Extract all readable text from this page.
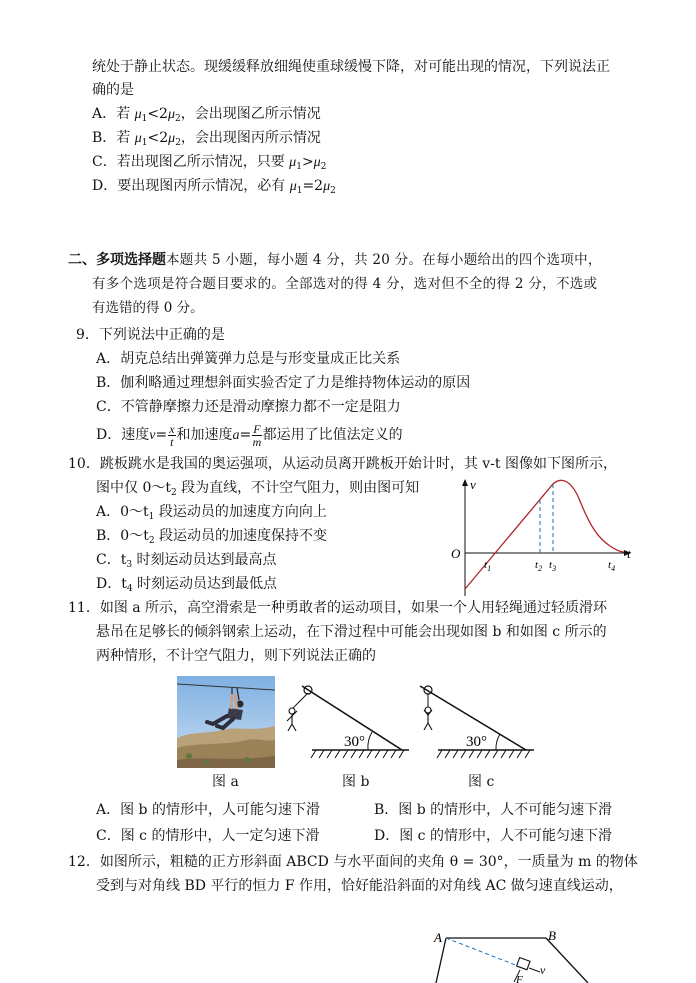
统处于静止状态。现缓缓释放细绳使重球缓慢下降，对可能出现的情况，下列说法正
确的是
A．若 $\mu_1<2\mu_2$，会出现图乙所示情况
B．若 $\mu_1<2\mu_2$，会出现图丙所示情况
C．若出现图乙所示情况，只要 $\mu_1>\mu_2$
D．要出现图丙所示情况，必有 $\mu_1=2\mu_2$
二、多项选择题本题共 5 小题，每小题 4 分，共 20 分。在每小题给出的四个选项中，
有多个选项是符合题目要求的。全部选对的得 4 分，选对但不全的得 2 分，不选或
有选错的得 0 分。
9．下列说法中正确的是
A．胡克总结出弹簧弹力总是与形变量成正比关系
B．伽利略通过理想斜面实验否定了力是维持物体运动的原因
C．不管静摩擦力还是滑动摩擦力都不一定是阻力
D．速度$v= \frac{x}{t}$ 和加速度$a= \frac{F}{m}$ 都运用了比值法定义的
10．跳板跳水是我国的奥运强项，从运动员离开跳板开始计时，其 v-t 图像如下图所示，
图中仅 $0\sim t_2$ 段为直线，不计空气阻力，则由图可知
A．$0\sim t_1$ 段运动员的加速度方向向上
B．$0\sim t_2$ 段运动员的加速度保持不变
C．$t_3$ 时刻运动员达到最高点
D．$t_4$ 时刻运动员达到最低点
v
t
O
$t_1$	$t_2$ $t_3$	$t_4$
11．如图 a 所示，高空滑索是一种勇敢者的运动项目，如果一个人用轻绳通过轻质滑环
悬吊在足够长的倾斜钢索上运动，在下滑过程中可能会出现如图 b 和如图 c 所示的
两种情形，不计空气阻力，则下列说法正确的
图 a
30°
图 b
30°
图 c
A．图 b 的情形中，人可能匀速下滑	B．图 b 的情形中，人不可能匀速下滑
C．图 c 的情形中，人一定匀速下滑	D．图 c 的情形中，人不可能匀速下滑
12．如图所示，粗糙的正方形斜面 ABCD 与水平面间的夹角 θ = 30°，一质量为 m 的物体
受到与对角线 BD 平行的恒力 F 作用，恰好能沿斜面的对角线 AC 做匀速直线运动，
A	B
v
F
